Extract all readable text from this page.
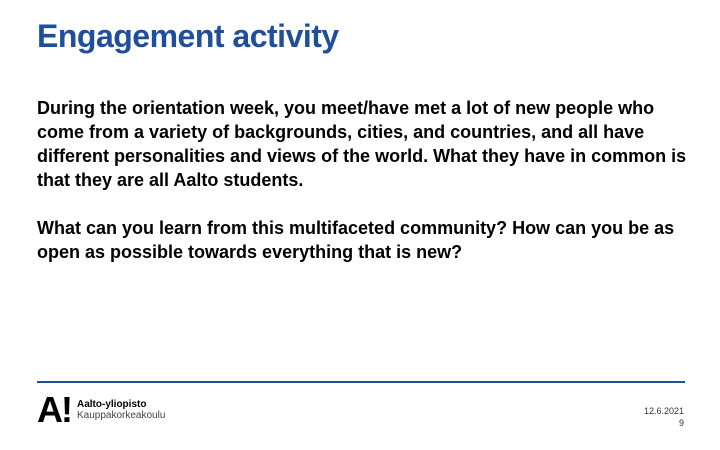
Engagement activity

During the orientation week, you meet/have met a lot of new people who come from a variety of backgrounds, cities, and countries, and all have different personalities and views of the world. What they have in common is that they are all Aalto students.

What can you learn from this multifaceted community? How can you be as open as possible towards everything that is new?

A! Aalto-yliopisto
Kauppakorkeakoulu	12.6.2021
9
